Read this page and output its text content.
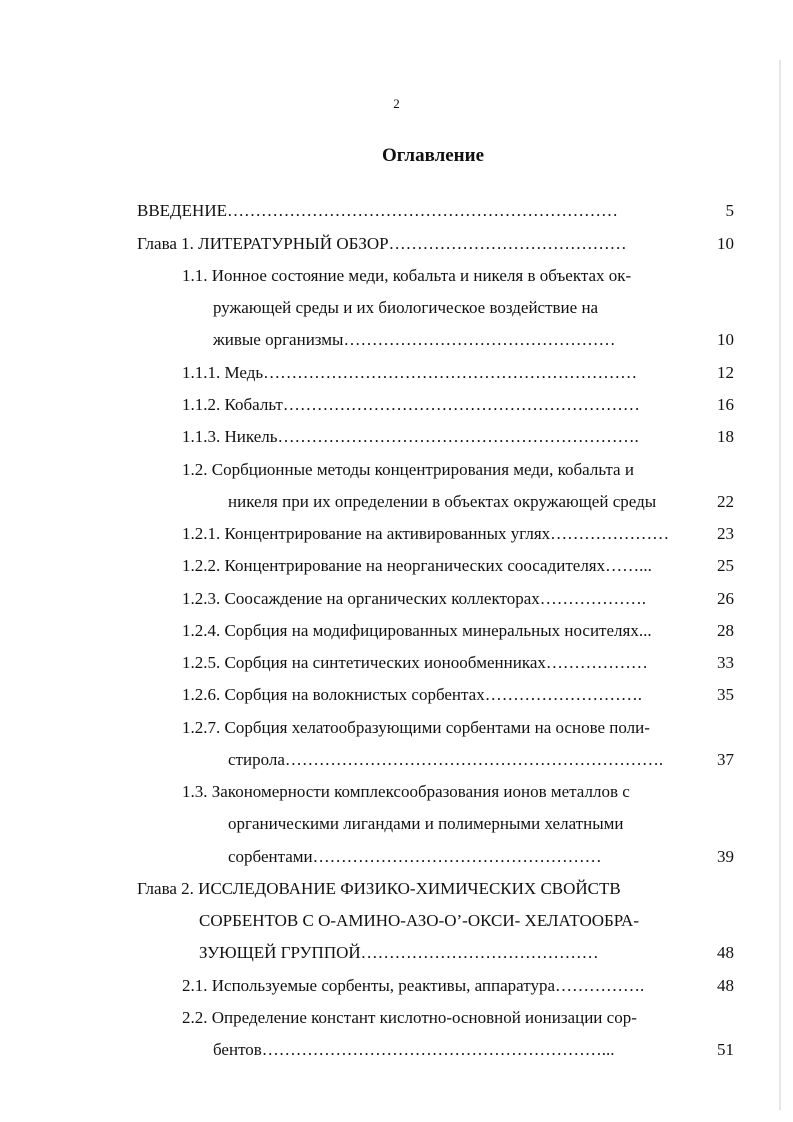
2
Оглавление
ВВЕДЕНИЕ……………………………………………………………	5
Глава 1. ЛИТЕРАТУРНЫЙ ОБЗОР……………………………………	10
1.1. Ионное состояние меди, кобальта и никеля в объектах ок-
ружающей среды и их биологическое воздействие на
живые организмы…………………………………………	10
1.1.1. Медь…………………………………………………………	12
1.1.2. Кобальт………………………………………………………	16
1.1.3. Никель……………………………………………………….	18
1.2. Сорбционные методы концентрирования меди, кобальта и
никеля при их определении в объектах окружающей среды	22
1.2.1. Концентрирование на активированных углях…………………	23
1.2.2. Концентрирование на неорганических соосадителях……...	25
1.2.3. Соосаждение на органических коллекторах……………….	26
1.2.4. Сорбция на модифицированных минеральных носителях...	28
1.2.5. Сорбция на синтетических ионообменниках………………	33
1.2.6. Сорбция на волокнистых сорбентах……………………….	35
1.2.7. Сорбция хелатообразующими сорбентами на основе поли-
стирола………………………………………………………….	37
1.3. Закономерности комплексообразования ионов металлов с
органическими лигандами и полимерными хелатными
сорбентами……………………………………………	39
Глава 2. ИССЛЕДОВАНИЕ ФИЗИКО-ХИМИЧЕСКИХ СВОЙСТВ
СОРБЕНТОВ С О-АМИНО-АЗО-О’-ОКСИ- ХЕЛАТООБРА-
ЗУЮЩЕЙ ГРУППОЙ……………………………………	48
2.1. Используемые сорбенты, реактивы, аппаратура…………….	48
2.2. Определение констант кислотно-основной ионизации сор-
бентов……………………………………………………...	51
